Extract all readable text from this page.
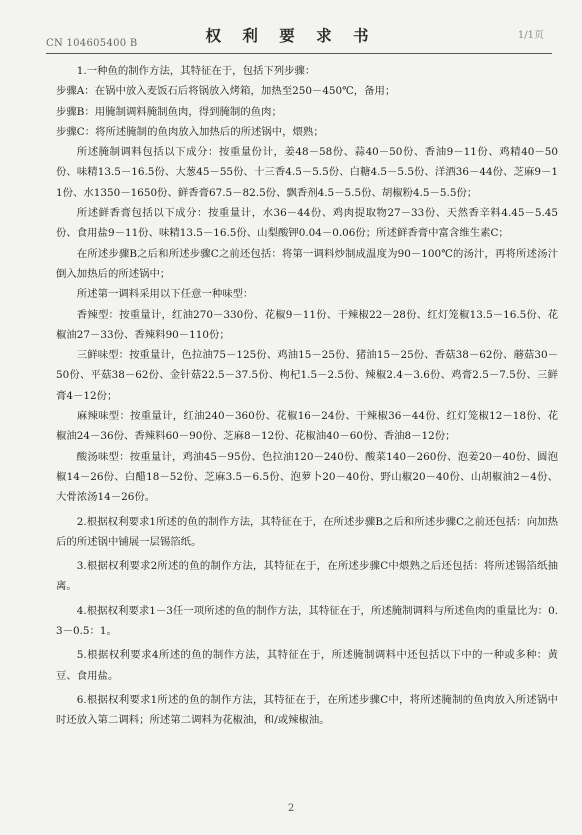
CN 104605400 B	权 利 要 求 书	1/1页

1.一种鱼的制作方法，其特征在于，包括下列步骤：

步骤A：在锅中放入麦饭石后将锅放入烤箱，加热至250－450℃，备用；

步骤B：用腌制调料腌制鱼肉，得到腌制的鱼肉；

步骤C：将所述腌制的鱼肉放入加热后的所述锅中，煨熟；

所述腌制调料包括以下成分：按重量份计，姜48－58份、蒜40－50份、香油9－11份、鸡精40－50份、味精13.5－16.5份、大葱45－55份、十三香4.5－5.5份、白糖4.5－5.5份、洋酒36－44份、芝麻9－11份、水1350－1650份、鲜香膏67.5－82.5份、飘香剂4.5－5.5份、胡椒粉4.5－5.5份；

所述鲜香膏包括以下成分：按重量计，水36－44份、鸡肉提取物27－33份、天然香辛料4.45－5.45份、食用盐9－11份、味精13.5－16.5份、山梨酸钾0.04－0.06份；所述鲜香膏中富含维生素C；

在所述步骤B之后和所述步骤C之前还包括：将第一调料炒制成温度为90－100℃的汤汁，再将所述汤汁倒入加热后的所述锅中；

所述第一调料采用以下任意一种味型：

香辣型：按重量计，红油270－330份、花椒9－11份、干辣椒22－28份、红灯笼椒13.5－16.5份、花椒油27－33份、香辣料90－110份；

三鲜味型：按重量计，色拉油75－125份、鸡油15－25份、猪油15－25份、香菇38－62份、蘑菇30－50份、平菇38－62份、金针菇22.5－37.5份、枸杞1.5－2.5份、辣椒2.4－3.6份、鸡膏2.5－7.5份、三鲜膏4－12份；

麻辣味型：按重量计，红油240－360份、花椒16－24份、干辣椒36－44份、红灯笼椒12－18份、花椒油24－36份、香辣料60－90份、芝麻8－12份、花椒油40－60份、香油8－12份；

酸汤味型：按重量计，鸡油45－95份、色拉油120－240份、酸菜140－260份、泡姜20－40份、圆泡椒14－26份、白醋18－52份、芝麻3.5－6.5份、泡萝卜20－40份、野山椒20－40份、山胡椒油2－4份、大骨浓汤14－26份。

2.根据权利要求1所述的鱼的制作方法，其特征在于，在所述步骤B之后和所述步骤C之前还包括：向加热后的所述锅中铺展一层锡箔纸。

3.根据权利要求2所述的鱼的制作方法，其特征在于，在所述步骤C中煨熟之后还包括：将所述锡箔纸抽离。

4.根据权利要求1－3任一项所述的鱼的制作方法，其特征在于，所述腌制调料与所述鱼肉的重量比为：0.3－0.5：1。

5.根据权利要求4所述的鱼的制作方法，其特征在于，所述腌制调料中还包括以下中的一种或多种：黄豆、食用盐。

6.根据权利要求1所述的鱼的制作方法，其特征在于，在所述步骤C中，将所述腌制的鱼肉放入所述锅中时还放入第二调料；所述第二调料为花椒油，和/或辣椒油。

2
